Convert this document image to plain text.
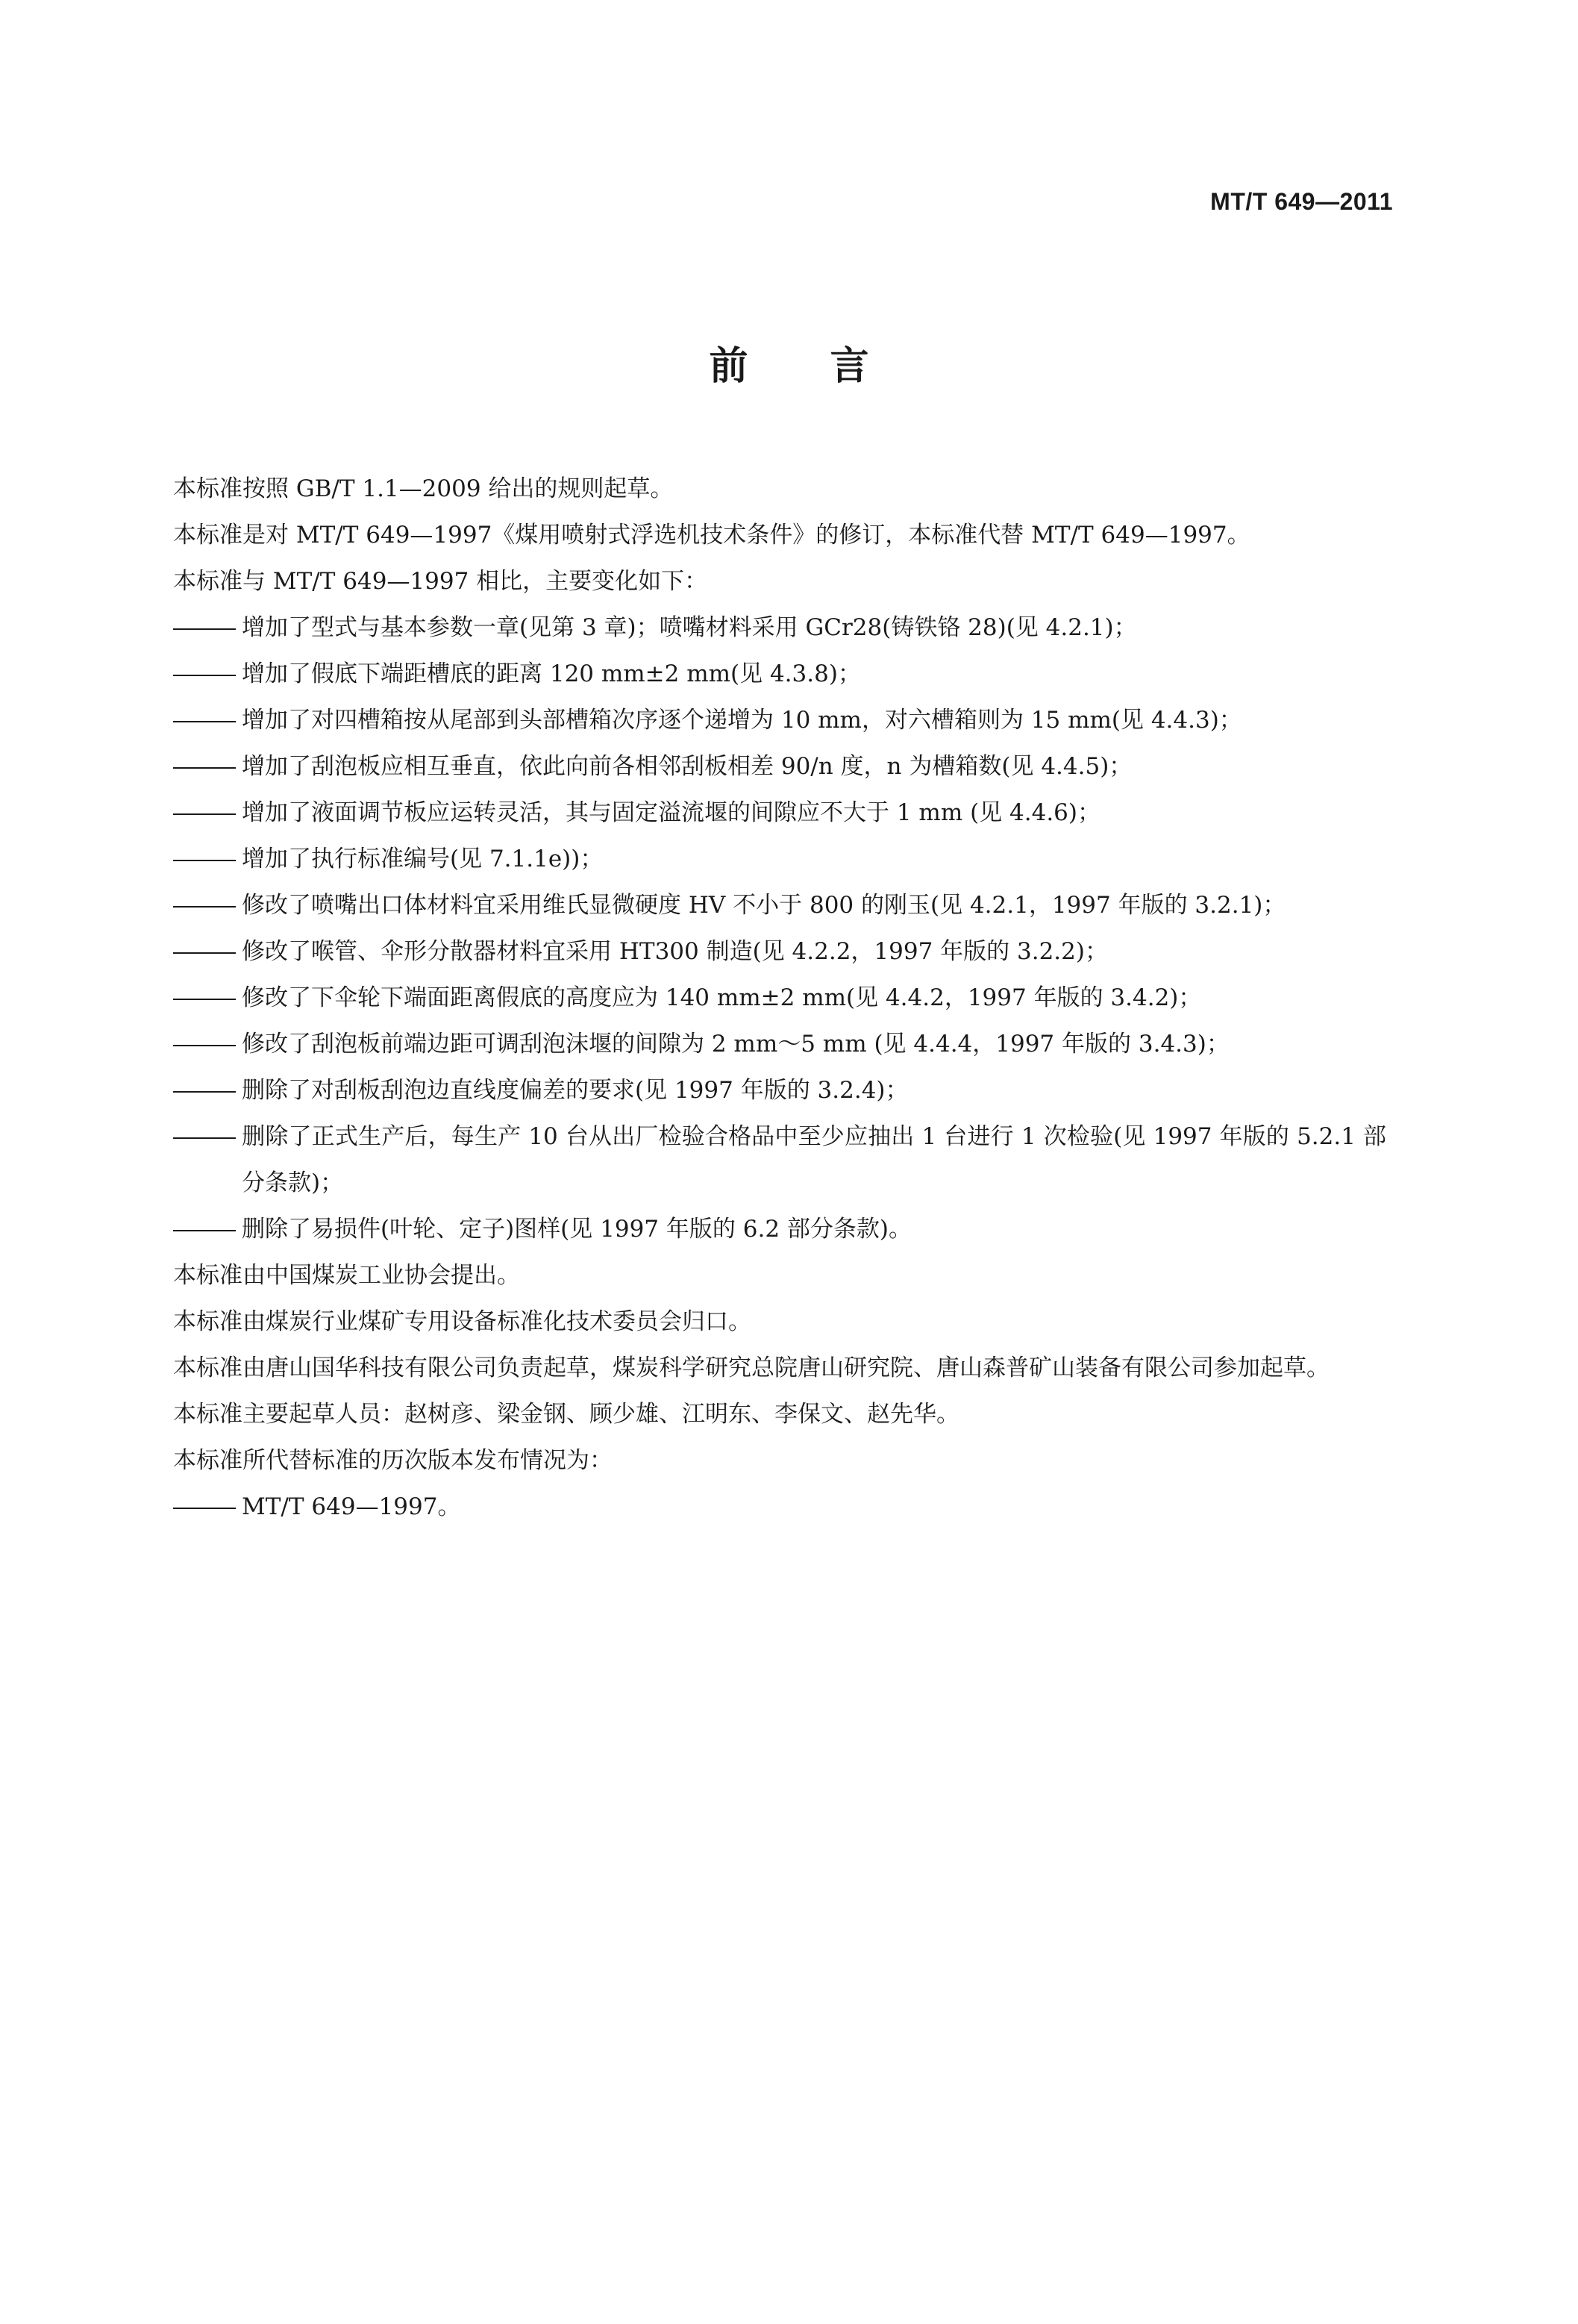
MT/T 649—2011
前言

本标准按照 GB/T 1.1—2009 给出的规则起草。

本标准是对 MT/T 649—1997《煤用喷射式浮选机技术条件》的修订，本标准代替 MT/T 649—1997。

本标准与 MT/T 649—1997 相比，主要变化如下：

增加了型式与基本参数一章(见第 3 章)；喷嘴材料采用 GCr28(铸铁铬 28)(见 4.2.1)；

增加了假底下端距槽底的距离 120 mm±2 mm(见 4.3.8)；

增加了对四槽箱按从尾部到头部槽箱次序逐个递增为 10 mm，对六槽箱则为 15 mm(见 4.4.3)；

增加了刮泡板应相互垂直，依此向前各相邻刮板相差 90/n 度，n 为槽箱数(见 4.4.5)；

增加了液面调节板应运转灵活，其与固定溢流堰的间隙应不大于 1 mm (见 4.4.6)；

增加了执行标准编号(见 7.1.1e))；

修改了喷嘴出口体材料宜采用维氏显微硬度 HV 不小于 800 的刚玉(见 4.2.1，1997 年版的 3.2.1)；

修改了喉管、伞形分散器材料宜采用 HT300 制造(见 4.2.2，1997 年版的 3.2.2)；

修改了下伞轮下端面距离假底的高度应为 140 mm±2 mm(见 4.4.2，1997 年版的 3.4.2)；

修改了刮泡板前端边距可调刮泡沫堰的间隙为 2 mm～5 mm (见 4.4.4，1997 年版的 3.4.3)；

删除了对刮板刮泡边直线度偏差的要求(见 1997 年版的 3.2.4)；

删除了正式生产后，每生产 10 台从出厂检验合格品中至少应抽出 1 台进行 1 次检验(见 1997 年版的 5.2.1 部分条款)；

删除了易损件(叶轮、定子)图样(见 1997 年版的 6.2 部分条款)。

本标准由中国煤炭工业协会提出。

本标准由煤炭行业煤矿专用设备标准化技术委员会归口。

本标准由唐山国华科技有限公司负责起草，煤炭科学研究总院唐山研究院、唐山森普矿山装备有限公司参加起草。

本标准主要起草人员：赵树彦、梁金钢、顾少雄、江明东、李保文、赵先华。

本标准所代替标准的历次版本发布情况为：

MT/T 649—1997。
